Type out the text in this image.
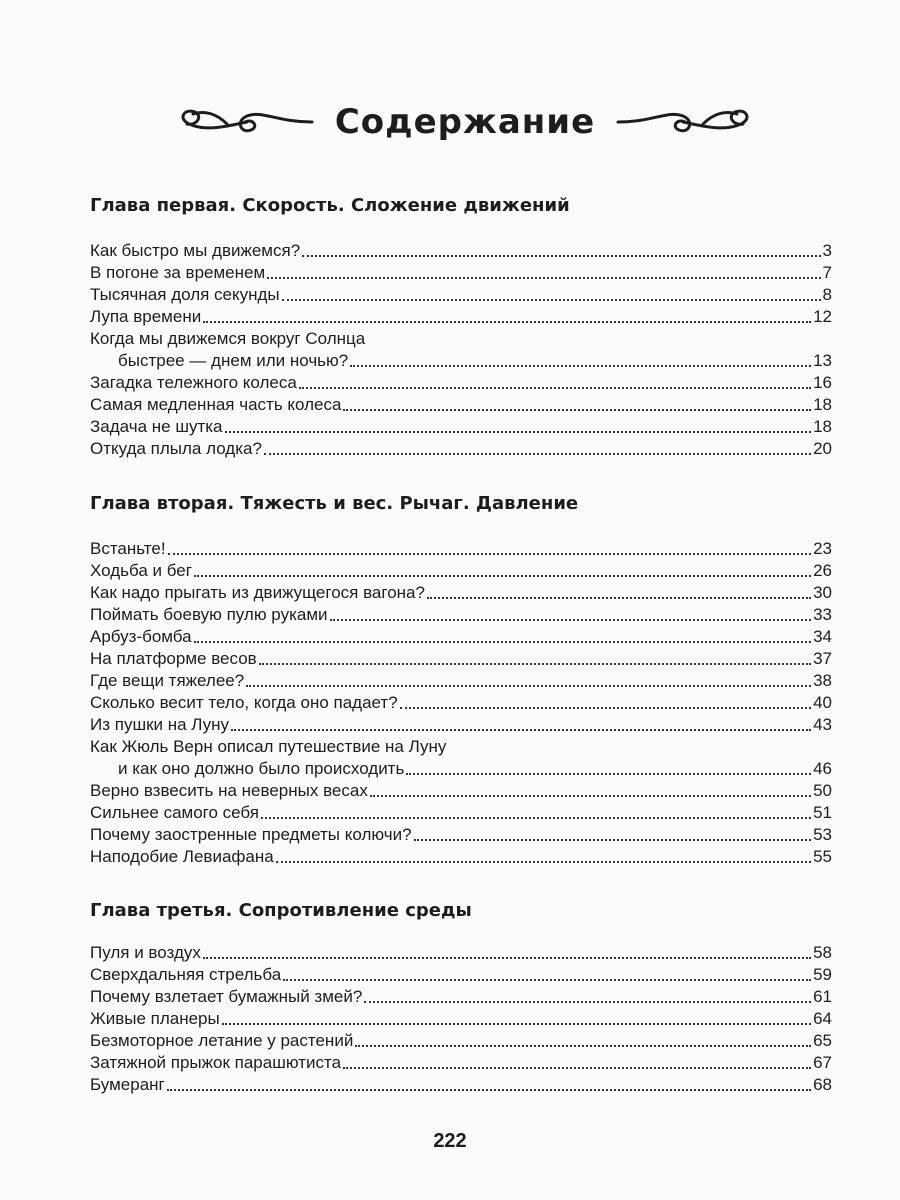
Содержание
Глава первая. Скорость. Сложение движений
Как быстро мы движемся?	3
В погоне за временем	7
Тысячная доля секунды	8
Лупа времени	12
Когда мы движемся вокруг Солнца
быстрее — днем или ночью?	13
Загадка тележного колеса	16
Самая медленная часть колеса	18
Задача не шутка	18
Откуда плыла лодка?	20
Глава вторая. Тяжесть и вес. Рычаг. Давление
Встаньте!	23
Ходьба и бег	26
Как надо прыгать из движущегося вагона?	30
Поймать боевую пулю руками	33
Арбуз-бомба	34
На платформе весов	37
Где вещи тяжелее?	38
Сколько весит тело, когда оно падает?	40
Из пушки на Луну	43
Как Жюль Верн описал путешествие на Луну
и как оно должно было происходить	46
Верно взвесить на неверных весах	50
Сильнее самого себя	51
Почему заостренные предметы колючи?	53
Наподобие Левиафана	55
Глава третья. Сопротивление среды
Пуля и воздух	58
Сверхдальняя стрельба	59
Почему взлетает бумажный змей?	61
Живые планеры	64
Безмоторное летание у растений	65
Затяжной прыжок парашютиста	67
Бумеранг	68
222
